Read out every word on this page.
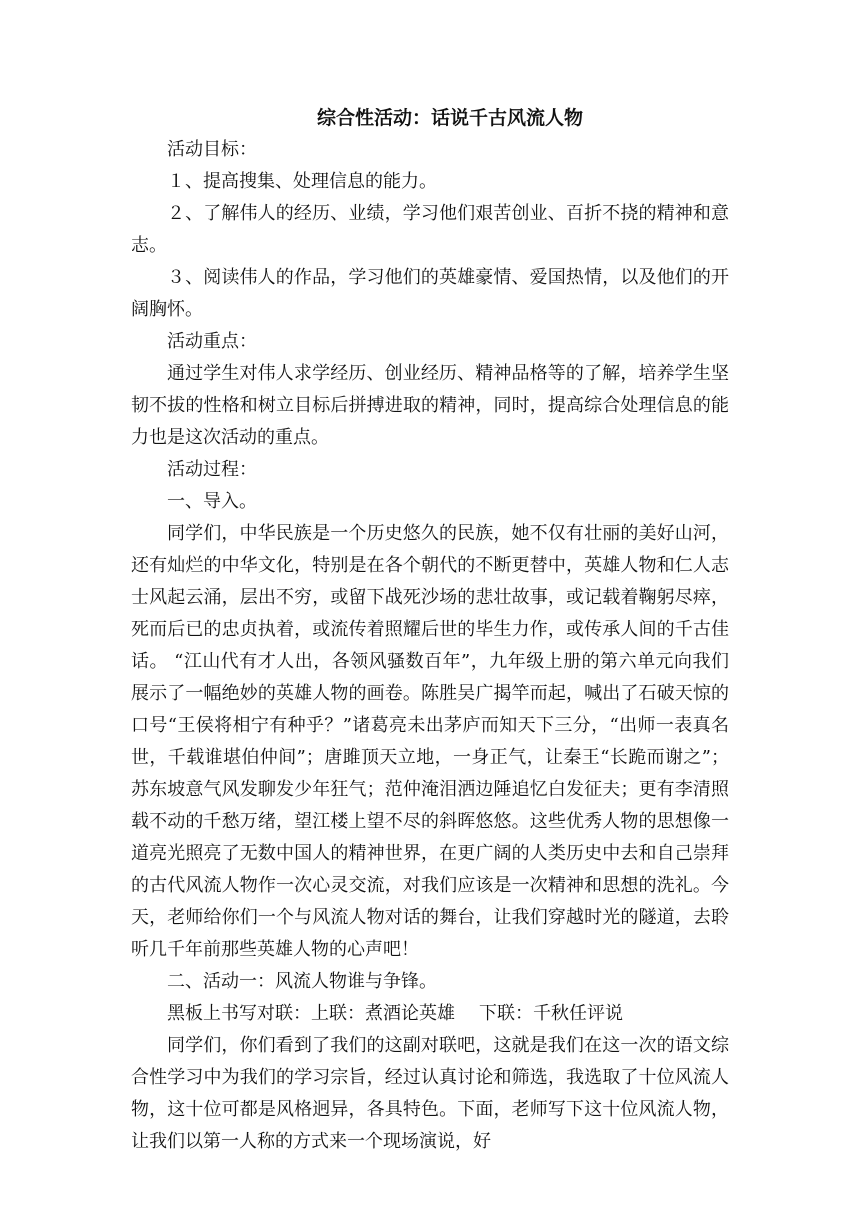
综合性活动：话说千古风流人物

活动目标：

１、提高搜集、处理信息的能力。

２、了解伟人的经历、业绩，学习他们艰苦创业、百折不挠的精神和意志。

３、阅读伟人的作品，学习他们的英雄豪情、爱国热情，以及他们的开阔胸怀。

活动重点：

通过学生对伟人求学经历、创业经历、精神品格等的了解，培养学生坚韧不拔的性格和树立目标后拼搏进取的精神，同时，提高综合处理信息的能力也是这次活动的重点。

活动过程：

一、导入。

同学们，中华民族是一个历史悠久的民族，她不仅有壮丽的美好山河，还有灿烂的中华文化，特别是在各个朝代的不断更替中，英雄人物和仁人志士风起云涌，层出不穷，或留下战死沙场的悲壮故事，或记载着鞠躬尽瘁，死而后已的忠贞执着，或流传着照耀后世的毕生力作，或传承人间的千古佳话。 “江山代有才人出，各领风骚数百年”，九年级上册的第六单元向我们展示了一幅绝妙的英雄人物的画卷。陈胜吴广揭竿而起，喊出了石破天惊的口号“王侯将相宁有种乎？”诸葛亮未出茅庐而知天下三分，“出师一表真名世，千载谁堪伯仲间”；唐雎顶天立地，一身正气，让秦王“长跪而谢之”；苏东坡意气风发聊发少年狂气；范仲淹泪洒边陲追忆白发征夫；更有李清照载不动的千愁万绪，望江楼上望不尽的斜晖悠悠。这些优秀人物的思想像一道亮光照亮了无数中国人的精神世界，在更广阔的人类历史中去和自己崇拜的古代风流人物作一次心灵交流，对我们应该是一次精神和思想的洗礼。今天，老师给你们一个与风流人物对话的舞台，让我们穿越时光的隧道，去聆听几千年前那些英雄人物的心声吧！

二、活动一：风流人物谁与争锋。

黑板上书写对联：上联：煮酒论英雄 下联：千秋任评说

同学们，你们看到了我们的这副对联吧，这就是我们在这一次的语文综合性学习中为我们的学习宗旨，经过认真讨论和筛选，我选取了十位风流人物，这十位可都是风格迥异，各具特色。下面，老师写下这十位风流人物，让我们以第一人称的方式来一个现场演说，好
